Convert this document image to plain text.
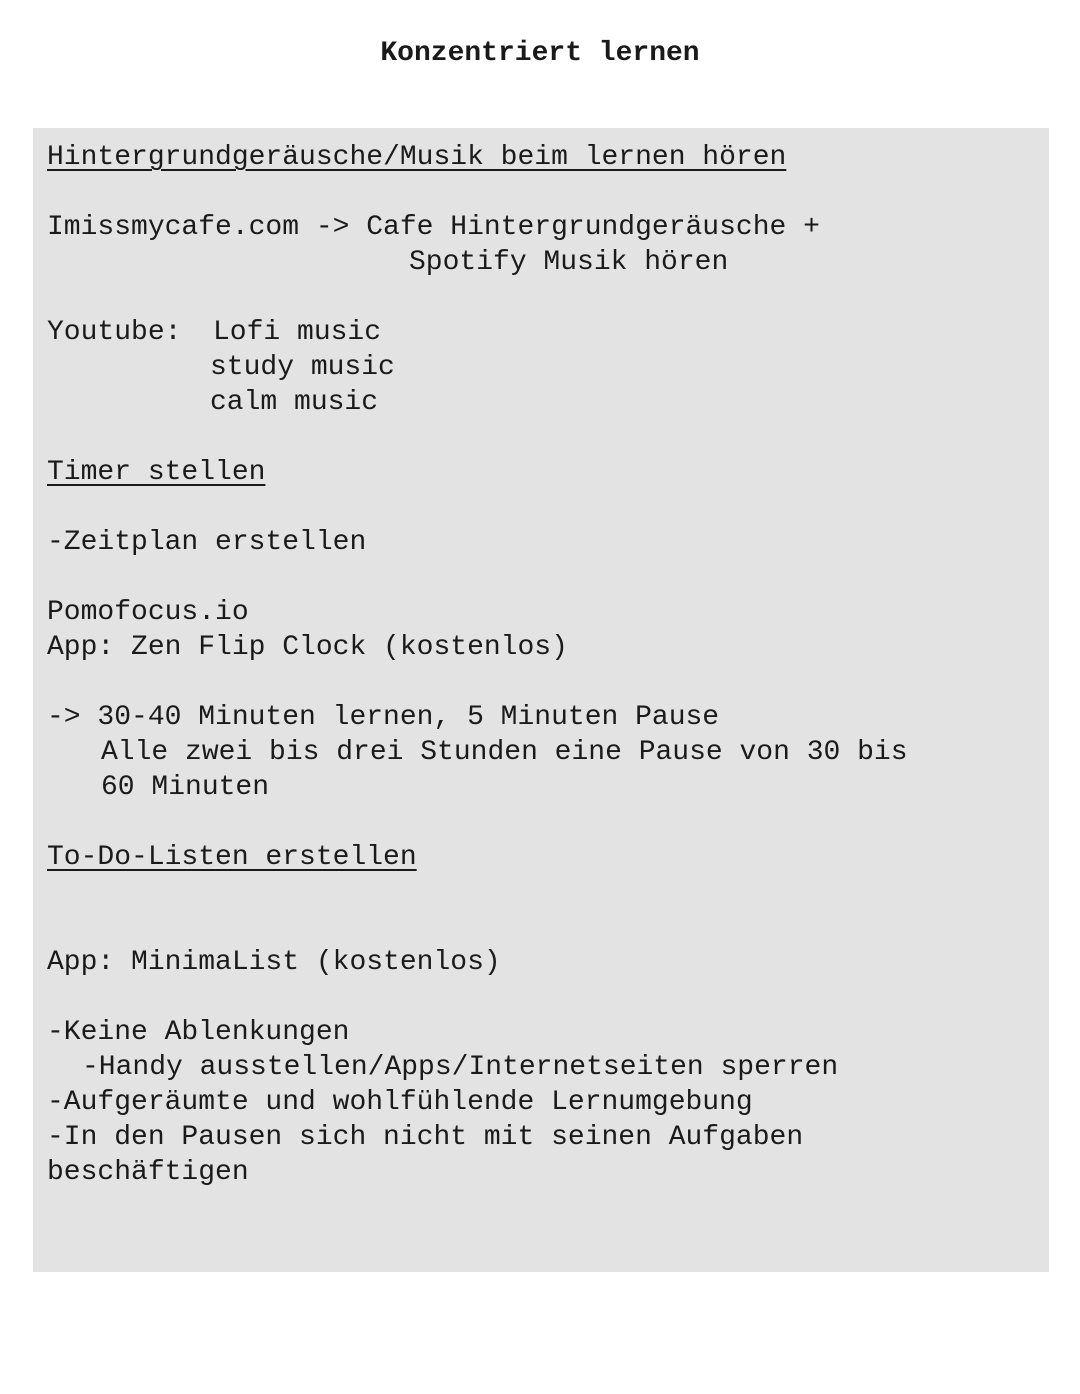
Konzentriert lernen
Hintergrundgeräusche/Musik beim lernen hören
Imissmycafe.com -> Cafe Hintergrundgeräusche +
Spotify Musik hören
Youtube: Lofi music
study music
calm music
Timer stellen
-Zeitplan erstellen
Pomofocus.io
App: Zen Flip Clock (kostenlos)
-> 30-40 Minuten lernen, 5 Minuten Pause
Alle zwei bis drei Stunden eine Pause von 30 bis
60 Minuten
To-Do-Listen erstellen
App: MinimaList (kostenlos)
-Keine Ablenkungen
-Handy ausstellen/Apps/Internetseiten sperren
-Aufgeräumte und wohlfühlende Lernumgebung
-In den Pausen sich nicht mit seinen Aufgaben
beschäftigen
